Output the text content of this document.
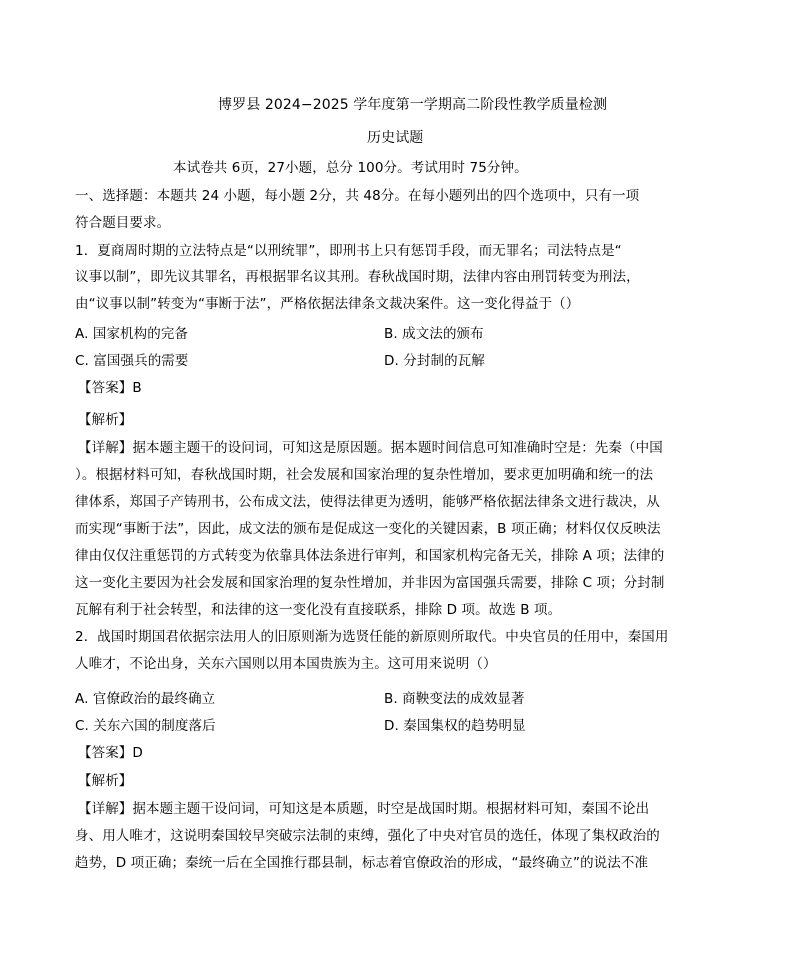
博罗县 2024−2025 学年度第一学期高二阶段性教学质量检测
历史试题
本试卷共 6页，27小题，总分 100分。考试用时 75分钟。
一、选择题：本题共 24 小题，每小题 2分，共 48分。在每小题列出的四个选项中，只有一项
符合题目要求。
1．夏商周时期的立法特点是“以刑统罪”，即刑书上只有惩罚手段，而无罪名；司法特点是“
议事以制”，即先议其罪名，再根据罪名议其刑。春秋战国时期，法律内容由刑罚转变为刑法，
由“议事以制”转变为“事断于法”，严格依据法律条文裁决案件。这一变化得益于（）
A. 国家机构的完备	B. 成文法的颁布
C. 富国强兵的需要	D. 分封制的瓦解
【答案】B
【解析】
【详解】据本题主题干的设问词，可知这是原因题。据本题时间信息可知准确时空是：先秦（中国
）。根据材料可知，春秋战国时期，社会发展和国家治理的复杂性增加，要求更加明确和统一的法
律体系，郑国子产铸刑书，公布成文法，使得法律更为透明，能够严格依据法律条文进行裁决，从
而实现“事断于法”，因此，成文法的颁布是促成这一变化的关键因素，B 项正确；材料仅仅反映法
律由仅仅注重惩罚的方式转变为依靠具体法条进行审判，和国家机构完备无关，排除 A 项；法律的
这一变化主要因为社会发展和国家治理的复杂性增加，并非因为富国强兵需要，排除 C 项；分封制
瓦解有利于社会转型，和法律的这一变化没有直接联系，排除 D 项。故选 B 项。
2．战国时期国君依据宗法用人的旧原则渐为选贤任能的新原则所取代。中央官员的任用中，秦国用
人唯才，不论出身，关东六国则以用本国贵族为主。这可用来说明（）
A. 官僚政治的最终确立	B. 商鞅变法的成效显著
C. 关东六国的制度落后	D. 秦国集权的趋势明显
【答案】D
【解析】
【详解】据本题主题干设问词，可知这是本质题，时空是战国时期。根据材料可知，秦国不论出
身、用人唯才，这说明秦国较早突破宗法制的束缚，强化了中央对官员的选任，体现了集权政治的
趋势，D 项正确；秦统一后在全国推行郡县制，标志着官僚政治的形成，“最终确立”的说法不准
